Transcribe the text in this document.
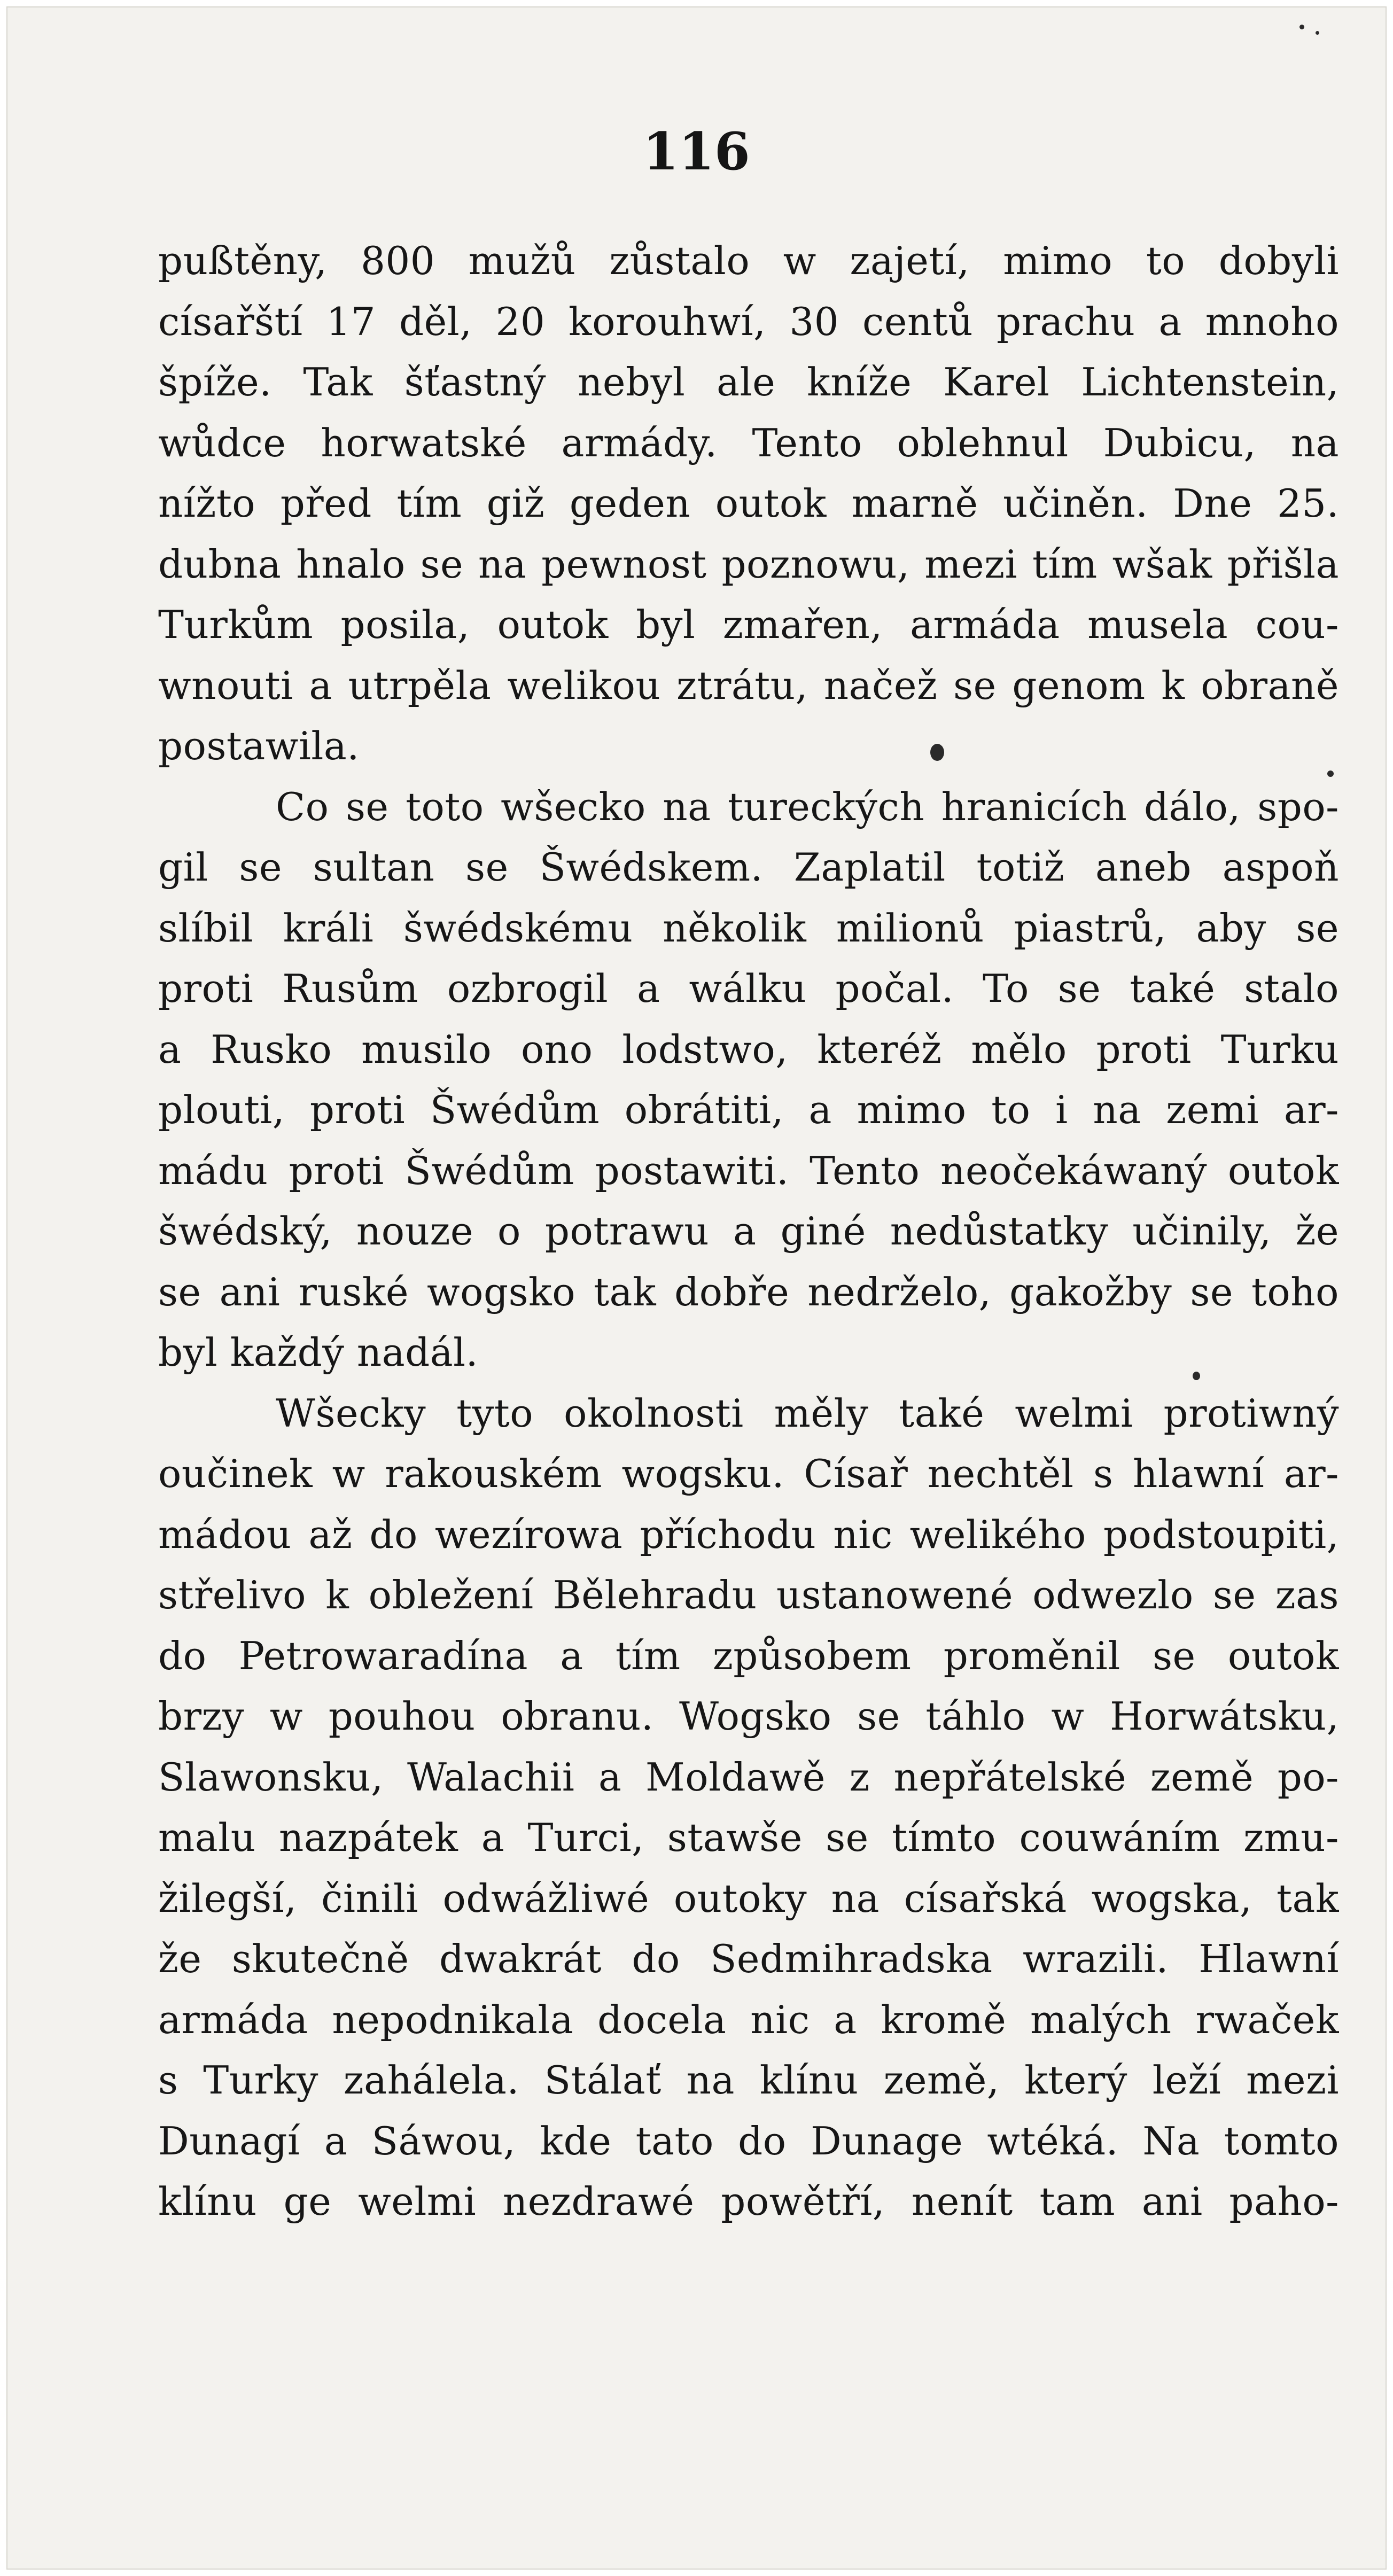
116
pußtěny, 800 mužů zůstalo w zajetí, mimo to dobyli
císařští 17 děl, 20 korouhwí, 30 centů prachu a mnoho
špíže. Tak šťastný nebyl ale kníže Karel Lichtenstein,
wůdce horwatské armády. Tento oblehnul Dubicu, na
nížto před tím giž geden outok marně učiněn. Dne 25.
dubna hnalo se na pewnost poznowu, mezi tím wšak přišla
Turkům posila, outok byl zmařen, armáda musela cou-
wnouti a utrpěla welikou ztrátu, načež se genom k obraně
postawila.
Co se toto wšecko na tureckých hranicích dálo, spo-
gil se sultan se Šwédskem. Zaplatil totiž aneb aspoň
slíbil králi šwédskému několik milionů piastrů, aby se
proti Rusům ozbrogil a wálku počal. To se také stalo
a Rusko musilo ono lodstwo, kteréž mělo proti Turku
plouti, proti Šwédům obrátiti, a mimo to i na zemi ar-
mádu proti Šwédům postawiti. Tento neočekáwaný outok
šwédský, nouze o potrawu a giné nedůstatky učinily, že
se ani ruské wogsko tak dobře nedrželo, gakožby se toho
byl každý nadál.
Wšecky tyto okolnosti měly také welmi protiwný
oučinek w rakouském wogsku. Císař nechtěl s hlawní ar-
mádou až do wezírowa příchodu nic welikého podstoupiti,
střelivo k obležení Bělehradu ustanowené odwezlo se zas
do Petrowaradína a tím způsobem proměnil se outok
brzy w pouhou obranu. Wogsko se táhlo w Horwátsku,
Slawonsku, Walachii a Moldawě z nepřátelské země po-
malu nazpátek a Turci, stawše se tímto couwáním zmu-
žilegší, činili odwážliwé outoky na císařská wogska, tak
že skutečně dwakrát do Sedmihradska wrazili. Hlawní
armáda nepodnikala docela nic a kromě malých rwaček
s Turky zahálela. Stálať na klínu země, který leží mezi
Dunagí a Sáwou, kde tato do Dunage wtéká. Na tomto
klínu ge welmi nezdrawé powětří, nenít tam ani paho-
